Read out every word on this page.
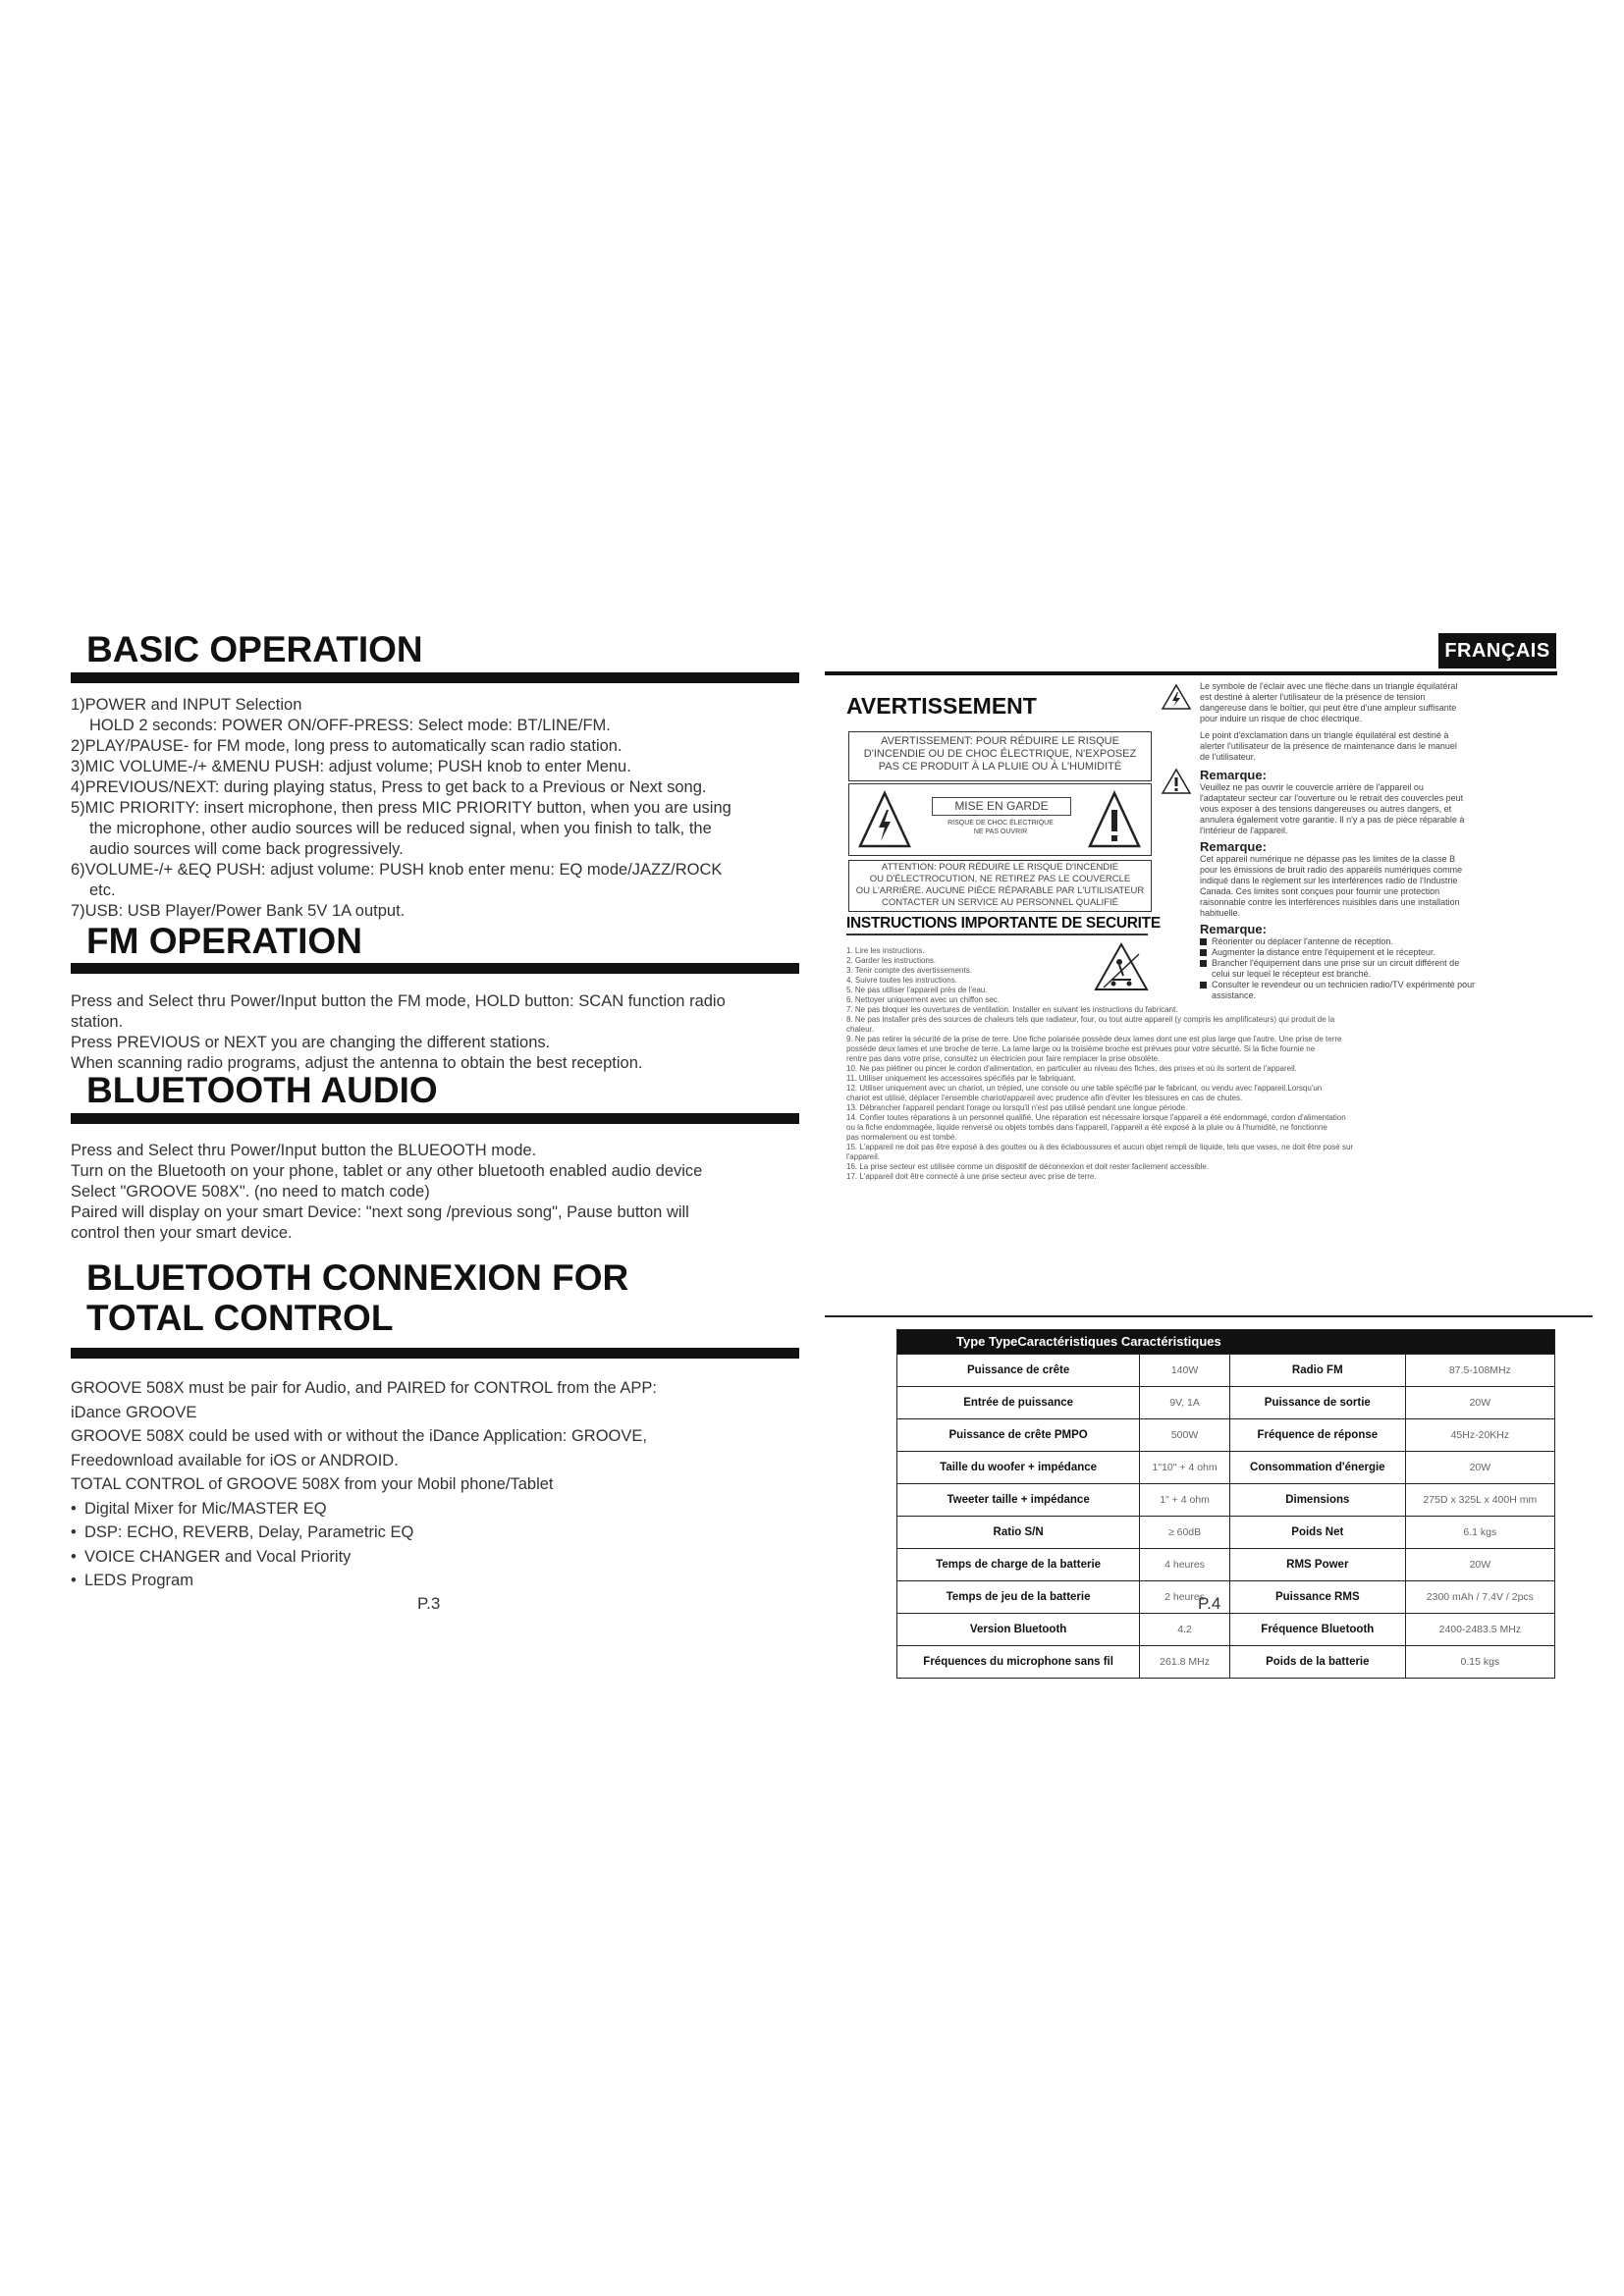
BASIC OPERATION

1)POWER and INPUT Selection

HOLD 2 seconds: POWER ON/OFF-PRESS: Select mode: BT/LINE/FM.

2)PLAY/PAUSE- for FM mode, long press to automatically scan radio station.

3)MIC VOLUME-/+ &MENU PUSH: adjust volume; PUSH knob to enter Menu.

4)PREVIOUS/NEXT: during playing status, Press to get back to a Previous or Next song.

5)MIC PRIORITY: insert microphone, then press MIC PRIORITY button, when you are using

the microphone, other audio sources will be reduced signal, when you finish to talk, the

audio sources will come back progressively.

6)VOLUME-/+ &EQ PUSH: adjust volume: PUSH knob enter menu: EQ mode/JAZZ/ROCK

etc.

7)USB: USB Player/Power Bank 5V 1A output.

FM OPERATION

Press and Select thru Power/Input button the FM mode, HOLD button: SCAN function radio

station.

Press PREVIOUS or NEXT you are changing the different stations.

When scanning radio programs, adjust the antenna to obtain the best reception.

BLUETOOTH AUDIO

Press and Select thru Power/Input button the BLUEOOTH mode.

Turn on the Bluetooth on your phone, tablet or any other bluetooth enabled audio device

Select "GROOVE 508X". (no need to match code)

Paired will display on your smart Device: "next song /previous song", Pause button will

control then your smart device.

BLUETOOTH CONNEXION FOR
TOTAL CONTROL

GROOVE 508X must be pair for Audio, and PAIRED for CONTROL from the APP:

iDance GROOVE

GROOVE 508X could be used with or without the iDance Application: GROOVE,

Freedownload available for iOS or ANDROID.

TOTAL CONTROL of GROOVE 508X from your Mobil phone/Tablet

• Digital Mixer for Mic/MASTER EQ

• DSP: ECHO, REVERB, Delay, Parametric EQ

• VOICE CHANGER and Vocal Priority

• LEDS Program

P.3
FRANÇAIS
AVERTISSEMENT
AVERTISSEMENT: POUR RÉDUIRE LE RISQUE
D'INCENDIE OU DE CHOC ÉLECTRIQUE, N'EXPOSEZ
PAS CE PRODUIT À LA PLUIE OU À L'HUMIDITÉ
MISE EN GARDE
RISQUE DE CHOC ÉLECTRIQUE
NE PAS OUVRIR
ATTENTION: POUR RÉDUIRE LE RISQUE D'INCENDIE
OU D'ÉLECTROCUTION, NE RETIREZ PAS LE COUVERCLE
OU L'ARRIÈRE. AUCUNE PIÈCE RÉPARABLE PAR L'UTILISATEUR
CONTACTER UN SERVICE AU PERSONNEL QUALIFIÉ
INSTRUCTIONS IMPORTANTE DE SECURITE

1. Lire les instructions.

2. Garder les instructions.

3. Tenir compte des avertissements.

4. Suivre toutes les instructions.

5. Ne pas utiliser l'appareil près de l'eau.

6. Nettoyer uniquement avec un chiffon sec.

7. Ne pas bloquer les ouvertures de ventilation. Installer en suivant les instructions du fabricant.

8. Ne pas installer près des sources de chaleurs tels que radiateur, four, ou tout autre appareil (y compris les amplificateurs) qui produit de la

chaleur.

9. Ne pas retirer la sécurité de la prise de terre. Une fiche polarisée possède deux lames dont une est plus large que l'autre. Une prise de terre

possède deux lames et une broche de terre. La lame large ou la troisième broche est prévues pour votre sécurité. Si la fiche fournie ne

rentre pas dans votre prise, consultez un électricien pour faire remplacer la prise obsolète.

10. Ne pas piétiner ou pincer le cordon d'alimentation, en particulier au niveau des fiches, des prises et où ils sortent de l'appareil.

11. Utiliser uniquement les accessoires spécifiés par le fabriquant.

12. Utiliser uniquement avec un chariot, un trépied, une console ou une table spécifié par le fabricant, ou vendu avec l'appareil.Lorsqu'un

chariot est utilisé, déplacer l'ensemble chariot/appareil avec prudence afin d'éviter les blessures en cas de chutes.

13. Débrancher l'appareil pendant l'orage ou lorsqu'il n'est pas utilisé pendant une longue période.

14. Confier toutes réparations à un personnel qualifié. Une réparation est nécessaire lorsque l'appareil a été endommagé, cordon d'alimentation

ou la fiche endommagée, liquide renversé ou objets tombés dans l'appareil, l'appareil a été exposé à la pluie ou à l'humidité, ne fonctionne

pas normalement ou est tombé.

15. L'appareil ne doit pas être exposé à des gouttes ou à des éclaboussures et aucun objet rempli de liquide, tels que vases, ne doit être posé sur

l'appareil.

16. La prise secteur est utilisée comme un dispositif de déconnexion et doit rester facilement accessible.

17. L'appareil doit être connecté à une prise secteur avec prise de terre.

Le symbole de l'éclair avec une flèche dans un triangle équilatéral
est destiné à alerter l'utilisateur de la présence de tension
dangereuse dans le boîtier, qui peut être d'une ampleur suffisante
pour induire un risque de choc électrique.
Le point d'exclamation dans un triangle équilatéral est destiné à
alerter l'utilisateur de la présence de maintenance dans le manuel
de l'utilisateur.
Remarque:
Veuillez ne pas ouvrir le couvercle arrière de l'appareil ou
l'adaptateur secteur car l'ouverture ou le retrait des couvercles peut
vous exposer à des tensions dangereuses ou autres dangers, et
annulera également votre garantie. Il n'y a pas de pièce réparable à
l'intérieur de l'appareil.
Remarque:
Cet appareil numérique ne dépasse pas les limites de la classe B
pour les émissions de bruit radio des appareils numériques comme
indiqué dans le règlement sur les interférences radio de l'Industrie
Canada. Ces limites sont conçues pour fournir une protection
raisonnable contre les interférences nuisibles dans une installation
habituelle.
Remarque:
Réorienter ou déplacer l'antenne de réception.
Augmenter la distance entre l'équipement et le récepteur.
Brancher l'équipement dans une prise sur un circuit différent de
celui sur lequel le récepteur est branché.
Consulter le revendeur ou un technicien radio/TV expérimenté pour
assistance.
Type TypeCaractéristiques Caractéristiques			
Puissance de crête	140W	Radio FM	87.5-108MHz
Entrée de puissance	9V, 1A	Puissance de sortie	20W
Puissance de crête PMPO	500W	Fréquence de réponse	45Hz-20KHz
Taille du woofer + impédance	1"10" + 4 ohm	Consommation d'énergie	20W
Tweeter taille + impédance	1" + 4 ohm	Dimensions	275D x 325L x 400H mm
Ratio S/N	≥ 60dB	Poids Net	6.1 kgs
Temps de charge de la batterie	4 heures	RMS Power	20W
Temps de jeu de la batterie	2 heures	Puissance RMS	2300 mAh / 7.4V / 2pcs
Version Bluetooth	4.2	Fréquence Bluetooth	2400-2483.5 MHz
Fréquences du microphone sans fil	261.8 MHz	Poids de la batterie	0.15 kgs
P.4
